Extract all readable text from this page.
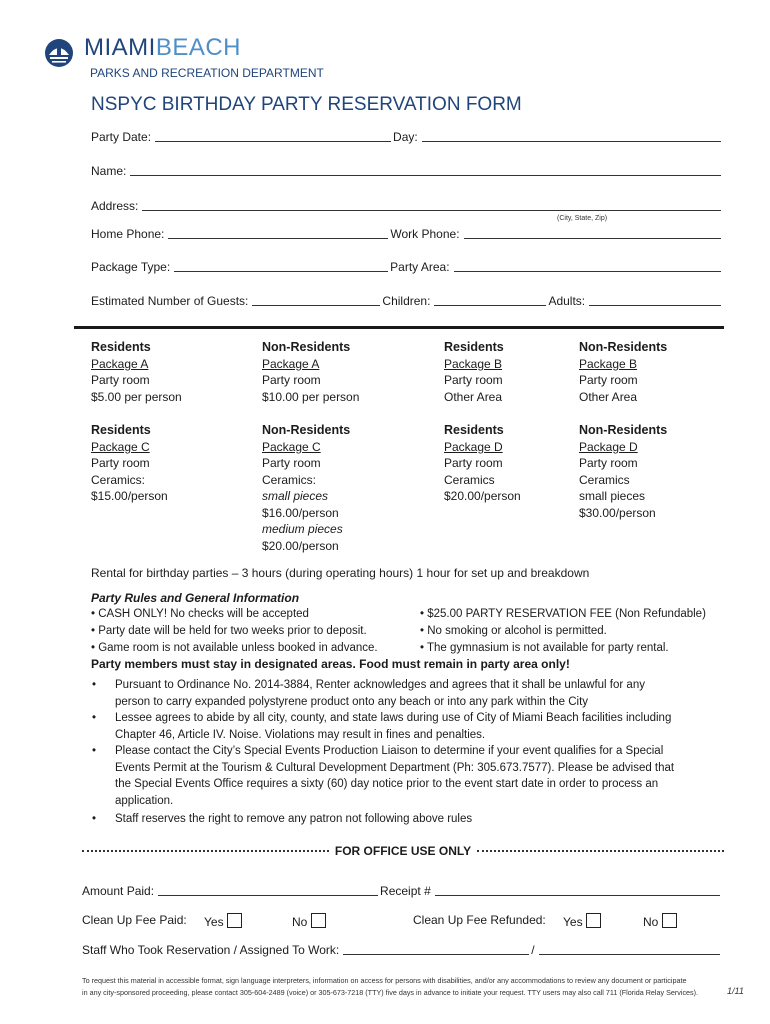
MIAMIBEACH
PARKS AND RECREATION DEPARTMENT
NSPYC BIRTHDAY PARTY RESERVATION FORM
Party Date:	Day:
Name:
Address:
(City, State, Zip)
Home Phone:	Work Phone:
Package Type:	Party Area:
Estimated Number of Guests:	Children:	Adults:
Residents
Package A
Party room
$5.00 per person
Non-Residents
Package A
Party room
$10.00 per person
Residents
Package B
Party room
Other Area
Non-Residents
Package B
Party room
Other Area
Residents
Package C
Party room
Ceramics:
$15.00/person
Non-Residents
Package C
Party room
Ceramics:
small pieces
$16.00/person
medium pieces
$20.00/person
Residents
Package D
Party room
Ceramics
$20.00/person
Non-Residents
Package D
Party room
Ceramics
small pieces
$30.00/person
Rental for birthday parties – 3 hours (during operating hours) 1 hour for set up and breakdown
Party Rules and General Information
• CASH ONLY! No checks will be accepted
• Party date will be held for two weeks prior to deposit.
• Game room is not available unless booked in advance.
• $25.00 PARTY RESERVATION FEE (Non Refundable)
• No smoking or alcohol is permitted.
• The gymnasium is not available for party rental.
Party members must stay in designated areas. Food must remain in party area only!
• Pursuant to Ordinance No. 2014-3884, Renter acknowledges and agrees that it shall be unlawful for any
person to carry expanded polystyrene product onto any beach or into any park within the City
• Lessee agrees to abide by all city, county, and state laws during use of City of Miami Beach facilities including
Chapter 46, Article IV. Noise. Violations may result in fines and penalties.
• Please contact the City’s Special Events Production Liaison to determine if your event qualifies for a Special
Events Permit at the Tourism & Cultural Development Department (Ph: 305.673.7577). Please be advised that
the Special Events Office requires a sixty (60) day notice prior to the event start date in order to process an
application.
• Staff reserves the right to remove any patron not following above rules
FOR OFFICE USE ONLY
Amount Paid:	Receipt #
Clean Up Fee Paid: Yes	No	Clean Up Fee Refunded: Yes	No
Staff Who Took Reservation / Assigned To Work:	/
To request this material in accessible format, sign language interpreters, information on access for persons with disabilities, and/or any accommodations to review any document or participate
in any city-sponsored proceeding, please contact 305-604-2489 (voice) or 305-673-7218 (TTY) five days in advance to initiate your request. TTY users may also call 711 (Florida Relay Services).	1/11
